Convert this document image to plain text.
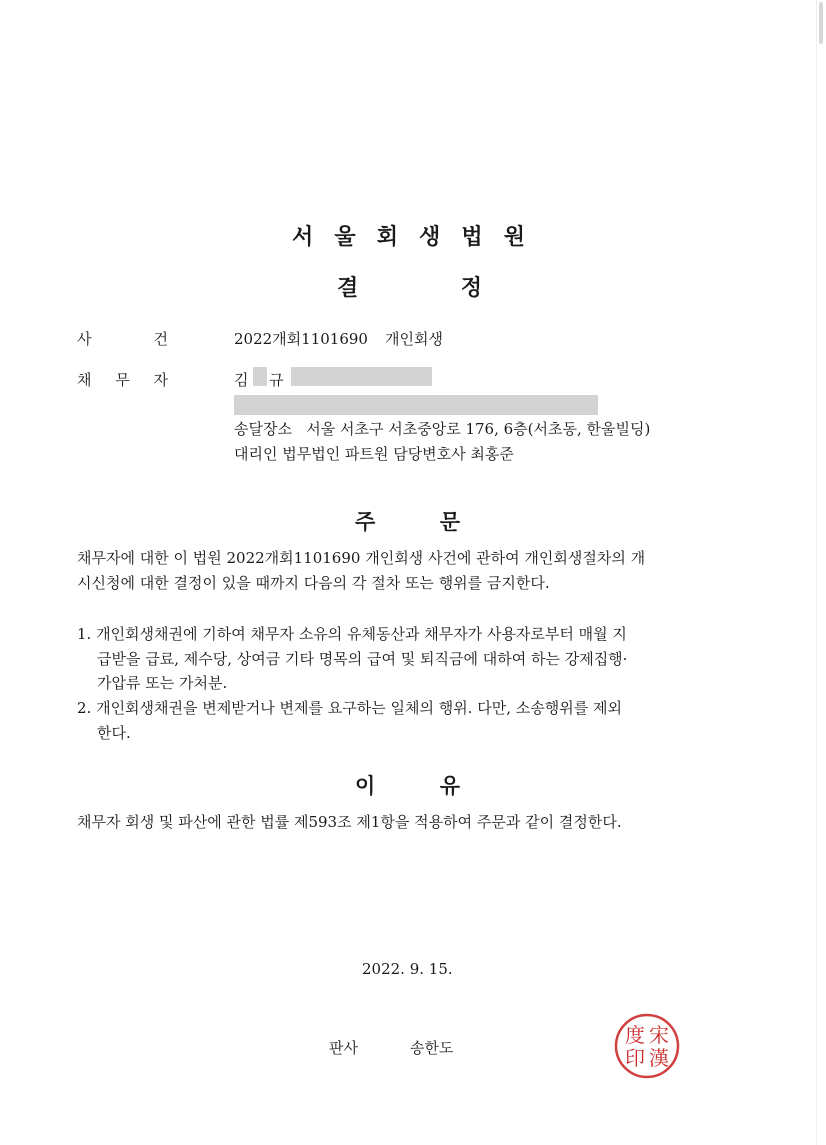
서 울 회 생 법 원
결	정
사	건	2022개회1101690 개인회생
채 무 자	김 규
송달장소   서울 서초구 서초중앙로 176, 6층(서초동, 한울빌딩)
대리인 법무법인 파트원 담당변호사 최홍준
주	문
채무자에 대한 이 법원 2022개회1101690 개인회생 사건에 관하여 개인회생절차의 개
시신청에 대한 결정이 있을 때까지 다음의 각 절차 또는 행위를 금지한다.
1. 개인회생채권에 기하여 채무자 소유의 유체동산과 채무자가 사용자로부터 매월 지
급받을 급료, 제수당, 상여금 기타 명목의 급여 및 퇴직금에 대하여 하는 강제집행·
가압류 또는 가처분.
2. 개인회생채권을 변제받거나 변제를 요구하는 일체의 행위. 다만, 소송행위를 제외
한다.
이	유
채무자 회생 및 파산에 관한 법률 제593조 제1항을 적용하여 주문과 같이 결정한다.
2022. 9. 15.
판사	송한도
宋
漢
度
印
